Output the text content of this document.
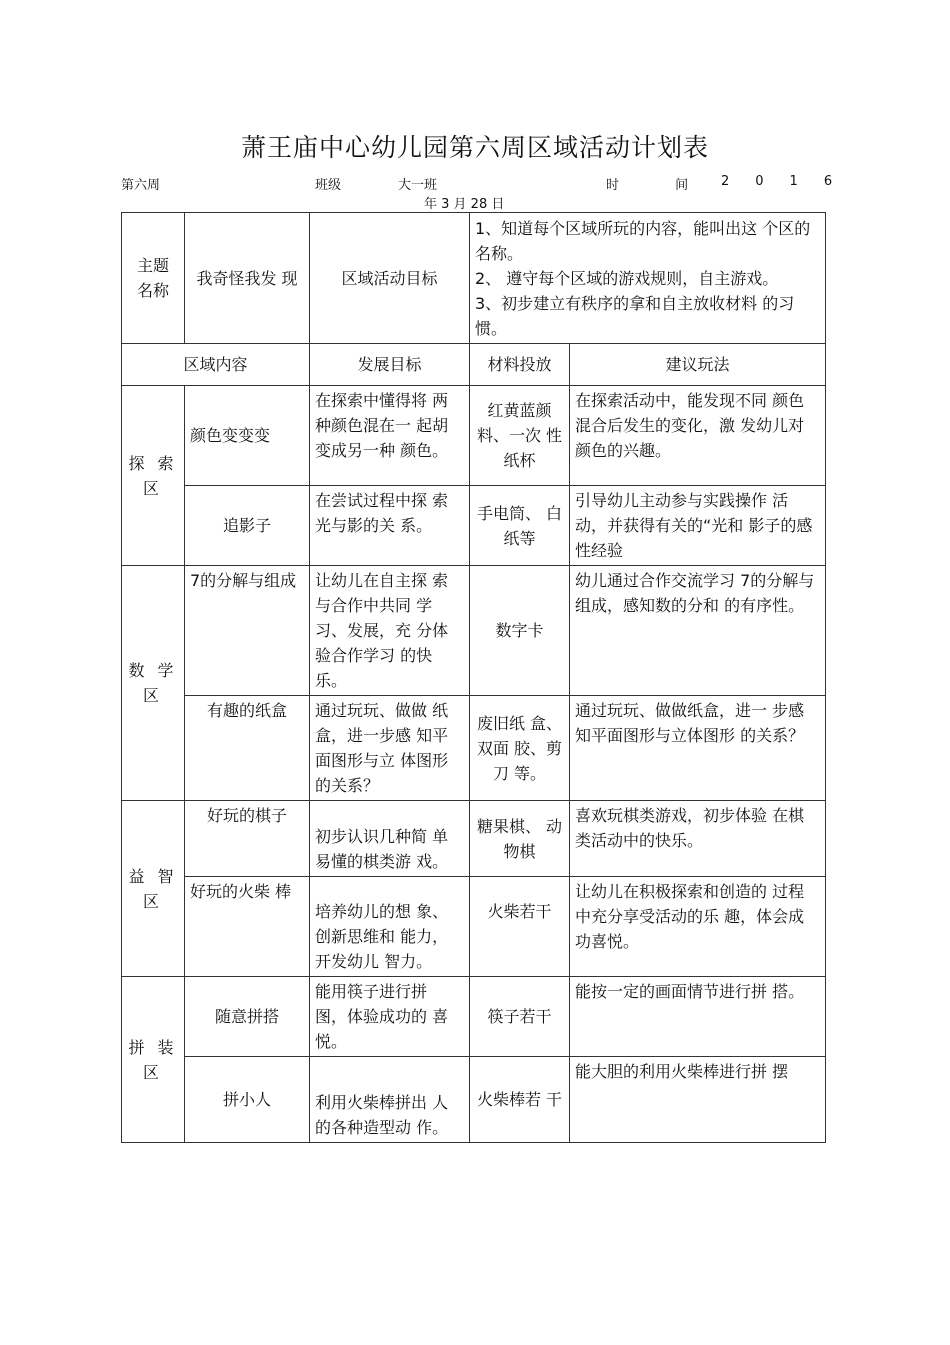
萧王庙中心幼儿园第六周区域活动计划表
第六周	班级	大一班	时 间 2016
年 3 月 28 日
主题 名称	我奇怪我发 现	区域活动目标	1、知道每个区域所玩的内容，能叫出这 个区的名称。
2、 遵守每个区域的游戏规则，自主游戏。
3、初步建立有秩序的拿和自主放收材料 的习惯。	

区域内容		发展目标	材料投放	建议玩法
探 索 区	颜色变变变	在探索中懂得将 两种颜色混在一 起胡变成另一种 颜色。	红黄蓝颜料、一次 性纸杯	在探索活动中，能发现不同 颜色混合后发生的变化，激 发幼儿对颜色的兴趣。
	追影子	在尝试过程中探 索光与影的关 系。	手电筒、 白纸等	引导幼儿主动参与实践操作 活动，并获得有关的“光和 影子的感性经验
数 学 区	7的分解与组成	让幼儿在自主探 索与合作中共同 学习、发展，充 分体验合作学习 的快乐。	数字卡	幼儿通过合作交流学习 7的分解与组成，感知数的分和 的有序性。
	有趣的纸盒	通过玩玩、做做 纸盒，进一步感 知平面图形与立 体图形的关系？	废旧纸 盒、双面 胶、剪刀 等。	通过玩玩、做做纸盒，进一 步感知平面图形与立体图形 的关系？
益 智 区	好玩的棋子	初步认识几种简 单易懂的棋类游 戏。	糖果棋、 动物棋	喜欢玩棋类游戏，初步体验 在棋类活动中的快乐。
	好玩的火柴 棒	培养幼儿的想 象、创新思维和 能力，开发幼儿 智力。	火柴若干	让幼儿在积极探索和创造的 过程中充分享受活动的乐 趣，体会成功喜悦。
拼 装 区	随意拼搭	能用筷子进行拼 图，体验成功的 喜悦。	筷子若干	能按一定的画面情节进行拼 搭。
	拼小人	利用火柴棒拼出 人的各种造型动 作。	火柴棒若 干	能大胆的利用火柴棒进行拼 摆
